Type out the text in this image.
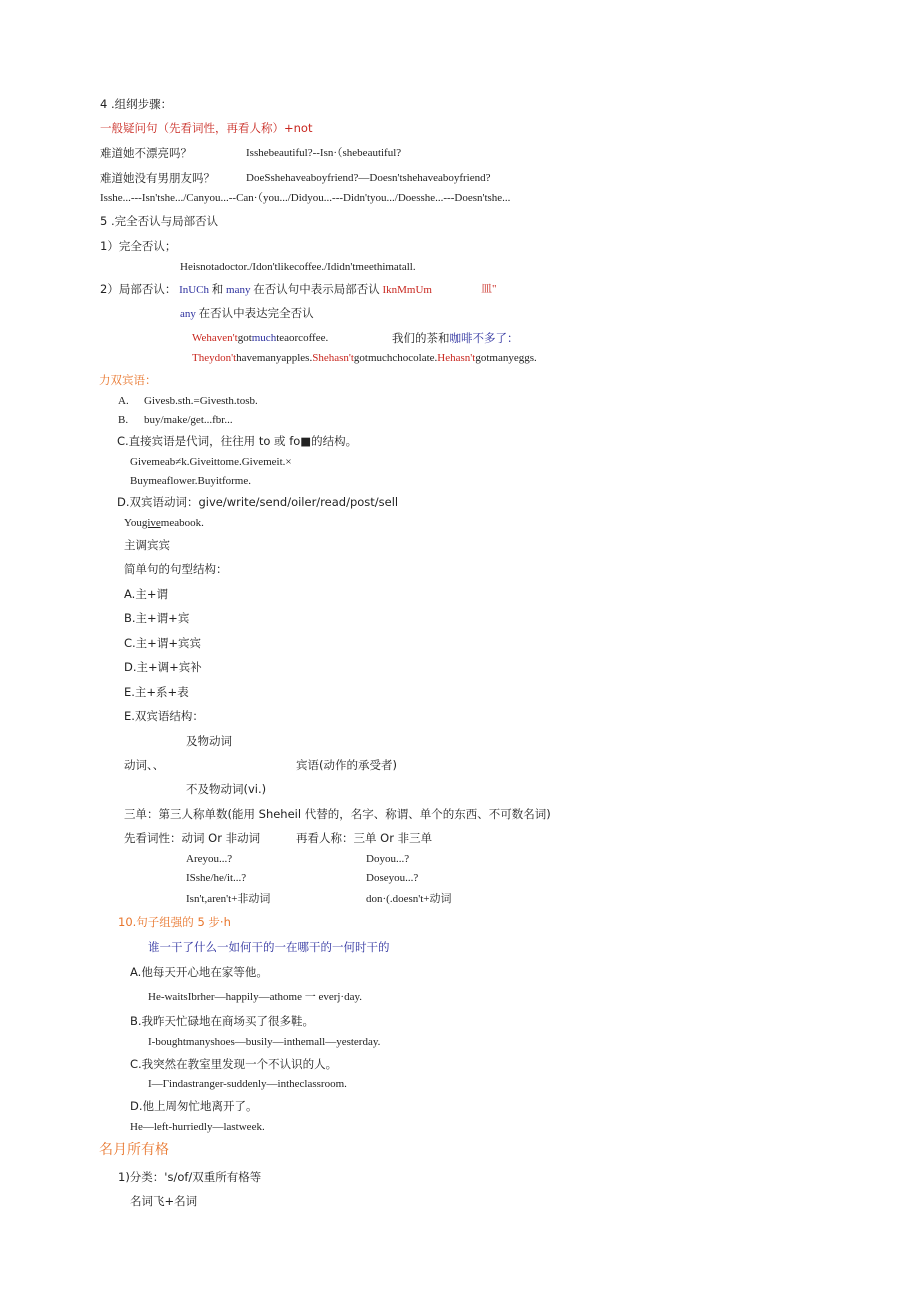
4 .组纲步骤：
一般疑问句（先看词性，再看人称）+not
难道她不漂亮吗？	Isshebeautiful?--Isn·（shebeautiful?
难道她没有男朋友吗？	DoeSshehaveaboyfriend?—Doesn'tshehaveaboyfriend?
Isshe...---Isn'tshe.../Canyou...--Can·（you.../Didyou...---Didn'tyou.../Doesshe...---Doesn'tshe...
5 .完全否认与局部否认
1）完全否认；
Heisnotadoctor./Idon'tlikecoffee./Ididn'tmeethimatall.
2）局部否认： InUCh 和 many 在否认句中表示局部否认 IknMmUm	皿"
any 在否认中表达完全否认
Wehaven'tgotmuchteaorcoffee.	我们的茶和咖啡不多了：
Theydon'thavemanyapples.Shehasn'tgotmuchchocolate.Hehasn'tgotmanyeggs.
力双宾语：
A. Givesb.sth.=Givesth.tosb.
B. buy/make/get...fbr...
C.直接宾语是代词，往往用 to 或 fo■的结构。
Givemeab≠k.Giveittome.Givemeit.×
Buymeaflower.Buyitforme.
D.双宾语动词：give/write/send/oiler/read/post/sell
Yougivemeabook.
主调宾宾
简单句的句型结构：
A.主+谓
B.主+谓+宾
C.主+谓+宾宾
D.主+调+宾补
E.主+系+表
E.双宾语结构：
及物动词
动词、、	宾语(动作的承受者)
不及物动词(vi.)
三单：第三人称单数(能用 Sheheil 代替的，名字、称谓、单个的东西、不可数名词)
先看词性：动词 Or 非动词	再看人称：三单 Or 非三单
Areyou...?	Doyou...?
ISshe/he/it...?	Doseyou...?
Isn't,aren't+非动词	don·(.doesn't+动词
10.句子组强的 5 步·h
谁一干了什么一如何干的一在哪干的一何时干的
A.他每天开心地在家等他。
He-waitsIbrher—happily—athome 一 everj·day.
B.我昨天忙碌地在商场买了很多鞋。
I-boughtmanyshoes—busily—inthemall—yesterday.
C.我突然在教室里发现一个不认识的人。
I—Γindastranger-suddenly—intheclassroom.
D.他上周匆忙地离开了。
He—left-hurriedly—lastweek.
名月所有格
1)分类：'s/of/双重所有格等
名词飞+名词
